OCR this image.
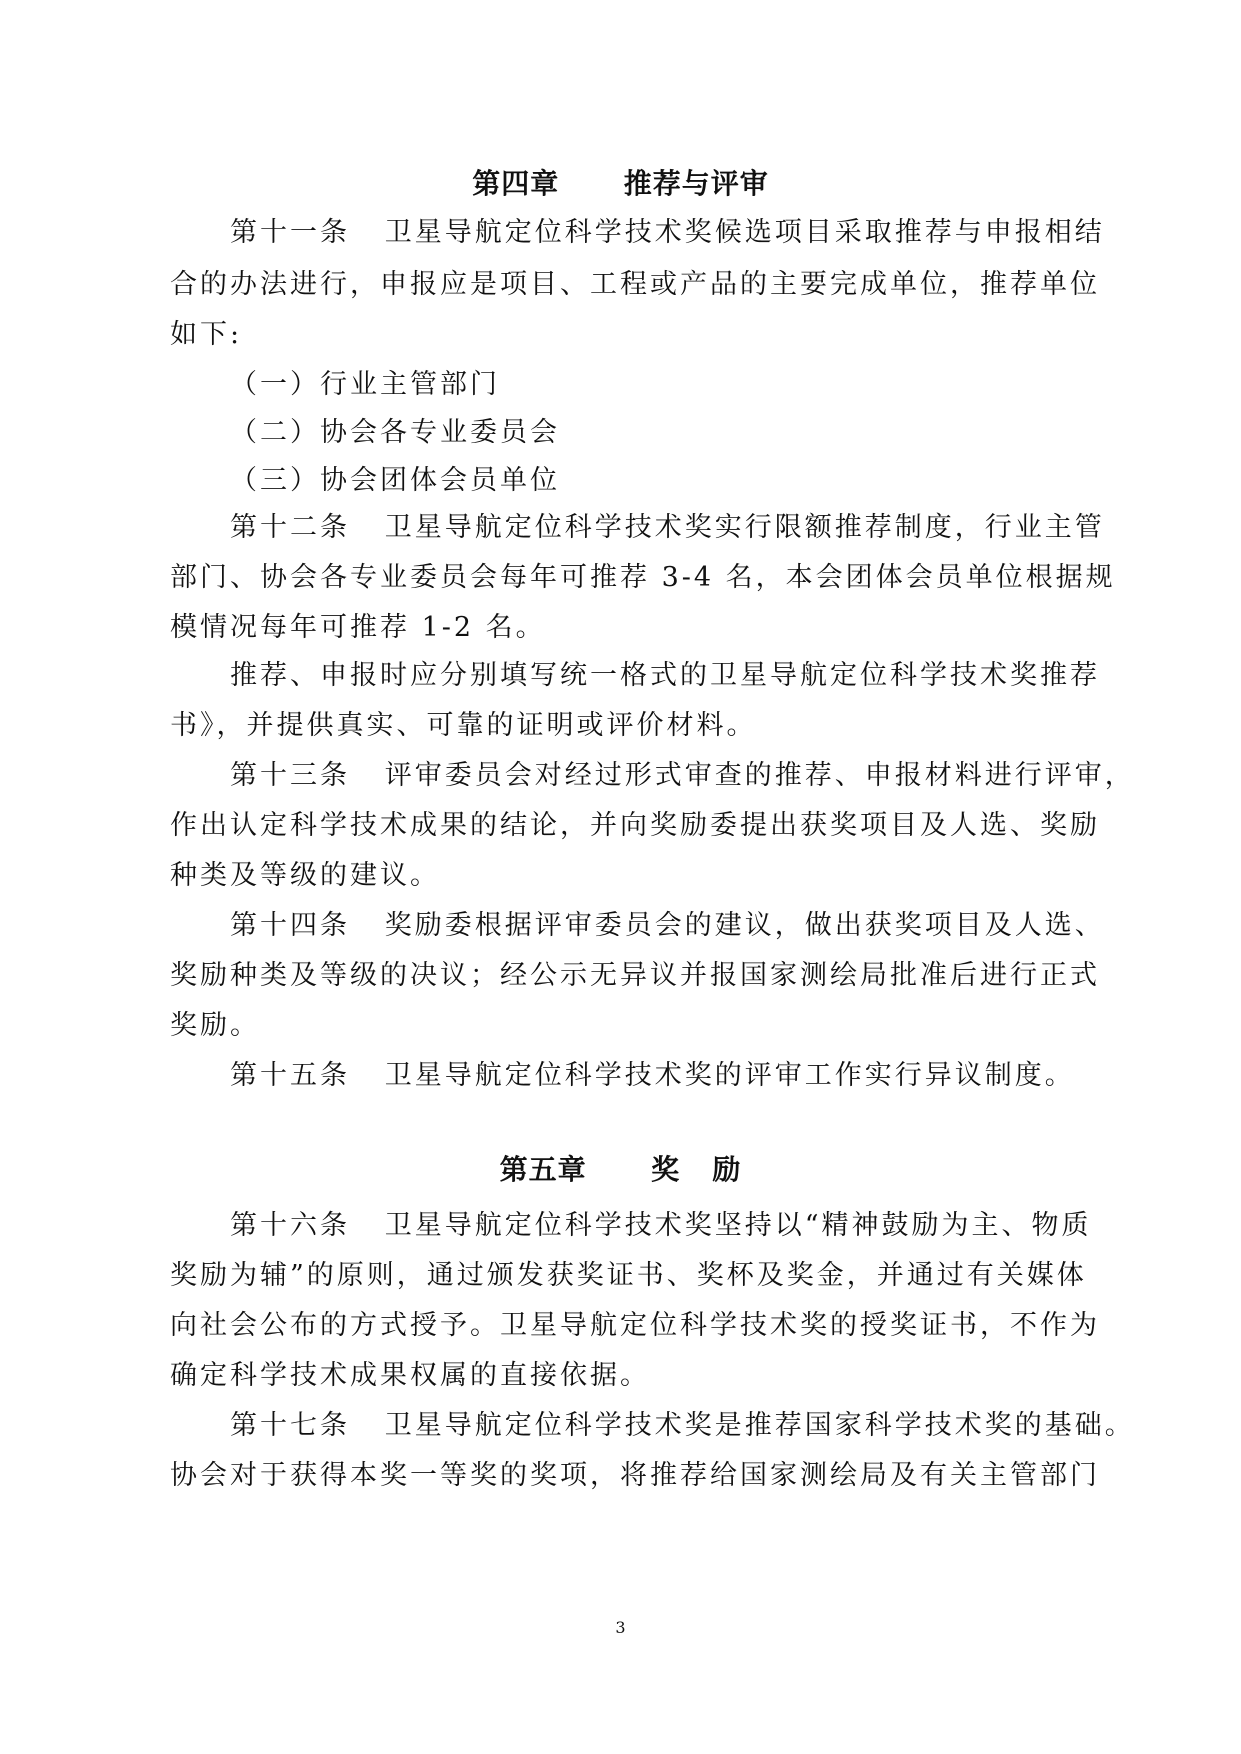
第四章      推荐与评审
第十一条   卫星导航定位科学技术奖候选项目采取推荐与申报相结
合的办法进行，申报应是项目、工程或产品的主要完成单位，推荐单位
如下:
（一）行业主管部门
（二）协会各专业委员会
（三）协会团体会员单位
第十二条   卫星导航定位科学技术奖实行限额推荐制度，行业主管
部门、协会各专业委员会每年可推荐 3-4 名，本会团体会员单位根据规
模情况每年可推荐 1-2 名。
推荐、申报时应分别填写统一格式的卫星导航定位科学技术奖推荐
书》，并提供真实、可靠的证明或评价材料。
第十三条   评审委员会对经过形式审查的推荐、申报材料进行评审，
作出认定科学技术成果的结论，并向奖励委提出获奖项目及人选、奖励
种类及等级的建议。
第十四条   奖励委根据评审委员会的建议，做出获奖项目及人选、
奖励种类及等级的决议；经公示无异议并报国家测绘局批准后进行正式
奖励。
第十五条   卫星导航定位科学技术奖的评审工作实行异议制度。
第五章      奖   励
第十六条   卫星导航定位科学技术奖坚持以“精神鼓励为主、物质
奖励为辅”的原则，通过颁发获奖证书、奖杯及奖金，并通过有关媒体
向社会公布的方式授予。卫星导航定位科学技术奖的授奖证书，不作为
确定科学技术成果权属的直接依据。
第十七条   卫星导航定位科学技术奖是推荐国家科学技术奖的基础。
协会对于获得本奖一等奖的奖项，将推荐给国家测绘局及有关主管部门
3
